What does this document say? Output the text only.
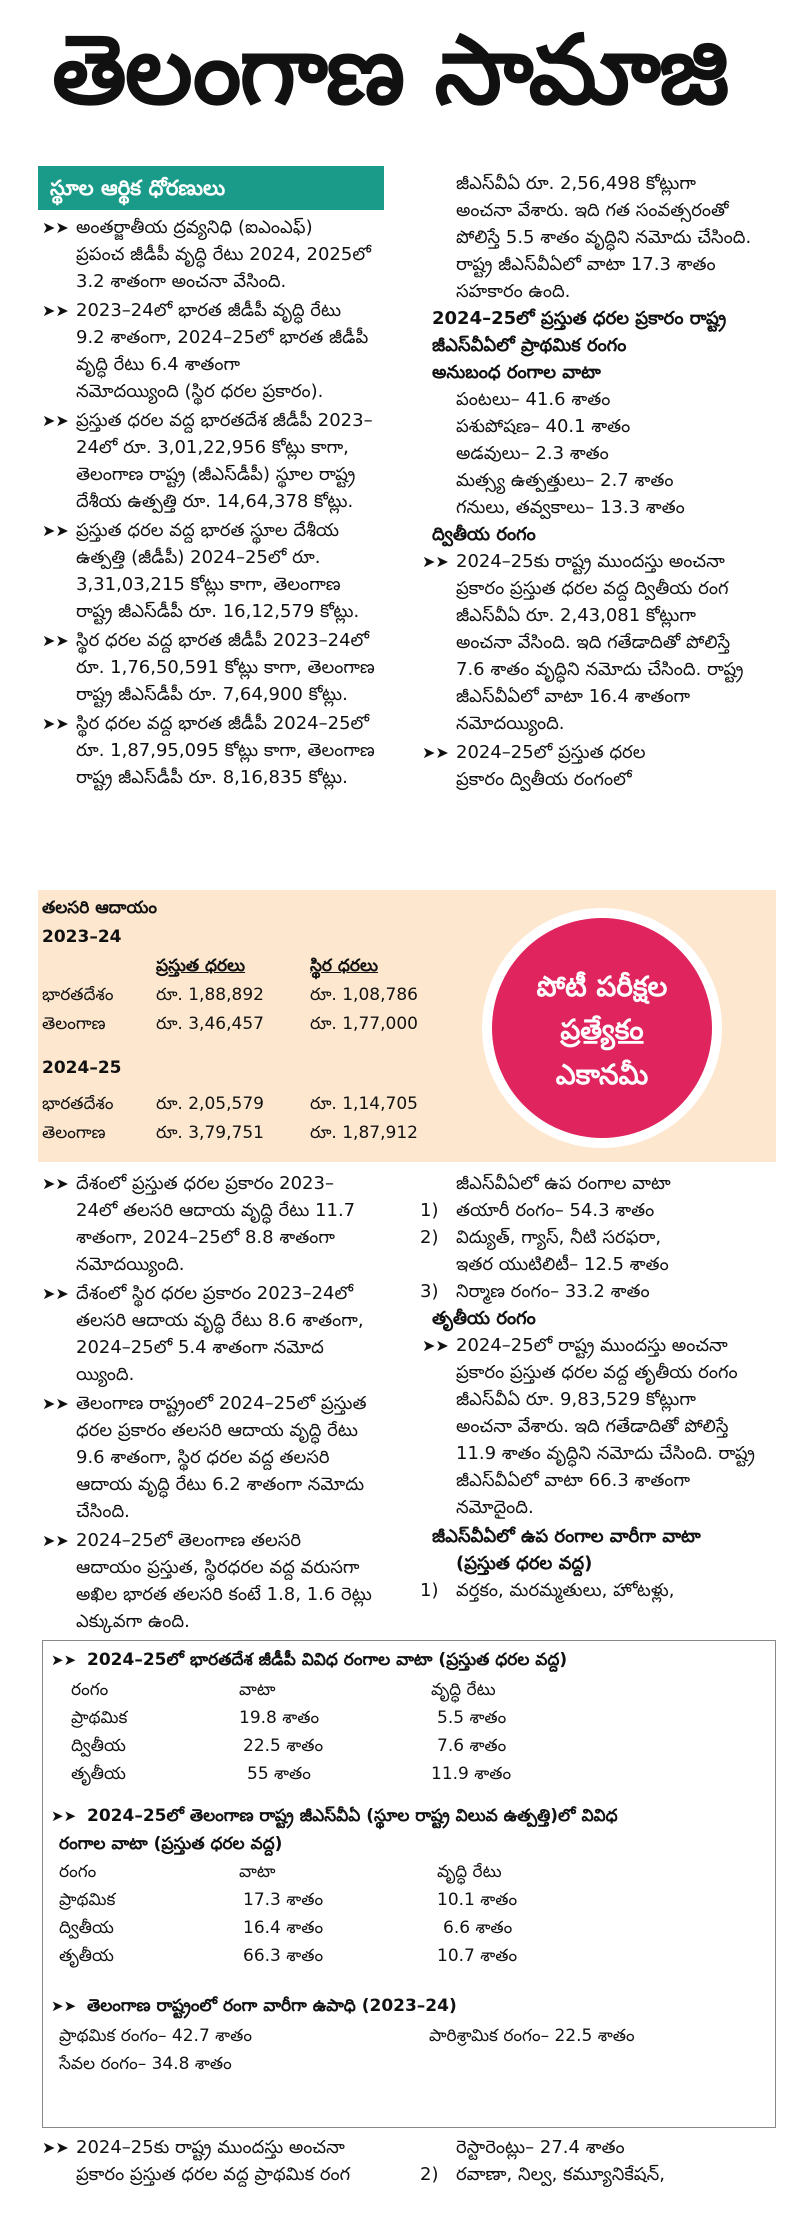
తెలంగాణ సామాజి
స్థూల ఆర్థిక ధోరణులు
➤➤ అంతర్జాతీయ ద్రవ్యనిధి (ఐఎంఎఫ్)

ప్రపంచ జీడీపీ వృద్ధి రేటు 2024, 2025లో

3.2 శాతంగా అంచనా వేసింది.

➤➤ 2023–24లో భారత జీడీపీ వృద్ధి రేటు

9.2 శాతంగా, 2024–25లో భారత జీడీపీ

వృద్ధి రేటు 6.4 శాతంగా

నమోదయ్యింది (స్థిర ధరల ప్రకారం).

➤➤ ప్రస్తుత ధరల వద్ద భారతదేశ జీడీపీ 2023–

24లో రూ. 3,01,22,956 కోట్లు కాగా,

తెలంగాణ రాష్ట్ర (జీఎస్‌డీపీ) స్థూల రాష్ట్ర

దేశీయ ఉత్పత్తి రూ. 14,64,378 కోట్లు.

➤➤ ప్రస్తుత ధరల వద్ద భారత స్థూల దేశీయ

ఉత్పత్తి (జీడీపీ) 2024–25లో రూ.

3,31,03,215 కోట్లు కాగా, తెలంగాణ

రాష్ట్ర జీఎస్‌డీపీ రూ. 16,12,579 కోట్లు.

➤➤ స్థిర ధరల వద్ద భారత జీడీపీ 2023–24లో

రూ. 1,76,50,591 కోట్లు కాగా, తెలంగాణ

రాష్ట్ర జీఎస్‌డీపీ రూ. 7,64,900 కోట్లు.

➤➤ స్థిర ధరల వద్ద భారత జీడీపీ 2024–25లో

రూ. 1,87,95,095 కోట్లు కాగా, తెలంగాణ

రాష్ట్ర జీఎస్‌డీపీ రూ. 8,16,835 కోట్లు.

జీఎస్‌వీఏ రూ. 2,56,498 కోట్లుగా

అంచనా వేశారు. ఇది గత సంవత్సరంతో

పోలిస్తే 5.5 శాతం వృద్ధిని నమోదు చేసింది.

రాష్ట్ర జీఎస్‌వీఏలో వాటా 17.3 శాతం

సహకారం ఉంది.

2024–25లో ప్రస్తుత ధరల ప్రకారం రాష్ట్ర

జీఎస్‌వీఏలో ప్రాథమిక రంగం

అనుబంధ రంగాల వాటా

పంటలు– 41.6 శాతం

పశుపోషణ– 40.1 శాతం

అడవులు– 2.3 శాతం

మత్స్య ఉత్పత్తులు– 2.7 శాతం

గనులు, తవ్వకాలు– 13.3 శాతం

ద్వితీయ రంగం
➤➤ 2024–25కు రాష్ట్ర ముందస్తు అంచనా

ప్రకారం ప్రస్తుత ధరల వద్ద ద్వితీయ రంగ

జీఎస్‌వీఏ రూ. 2,43,081 కోట్లుగా

అంచనా వేసింది. ఇది గతేడాదితో పోలిస్తే

7.6 శాతం వృద్ధిని నమోదు చేసింది. రాష్ట్ర

జీఎస్‌వీఏలో వాటా 16.4 శాతంగా

నమోదయ్యింది.

➤➤ 2024–25లో ప్రస్తుత ధరల

ప్రకారం ద్వితీయ రంగంలో

తలసరి ఆదాయం
2023–24
ప్రస్తుత ధరలు	స్థిర ధరలు
భారతదేశం రూ. 1,88,892	రూ. 1,08,786
తెలంగాణ	రూ. 3,46,457	రూ. 1,77,000
2024–25
భారతదేశం రూ. 2,05,579	రూ. 1,14,705
తెలంగాణ	రూ. 3,79,751	రూ. 1,87,912
పోటీ పరీక్షల
ప్రత్యేకం
ఎకానమీ
➤➤ దేశంలో ప్రస్తుత ధరల ప్రకారం 2023–

24లో తలసరి ఆదాయ వృద్ధి రేటు 11.7

శాతంగా, 2024–25లో 8.8 శాతంగా

నమోదయ్యింది.

➤➤ దేశంలో స్థిర ధరల ప్రకారం 2023–24లో

తలసరి ఆదాయ వృద్ధి రేటు 8.6 శాతంగా,

2024–25లో 5.4 శాతంగా నమోద

య్యింది.

➤➤ తెలంగాణ రాష్ట్రంలో 2024–25లో ప్రస్తుత

ధరల ప్రకారం తలసరి ఆదాయ వృద్ధి రేటు

9.6 శాతంగా, స్థిర ధరల వద్ద తలసరి

ఆదాయ వృద్ధి రేటు 6.2 శాతంగా నమోదు

చేసింది.

➤➤ 2024–25లో తెలంగాణ తలసరి

ఆదాయం ప్రస్తుత, స్థిరధరల వద్ద వరుసగా

అఖిల భారత తలసరి కంటే 1.8, 1.6 రెట్లు

ఎక్కువగా ఉంది.

జీఎస్‌వీఏలో ఉప రంగాల వాటా
1) తయారీ రంగం– 54.3 శాతం

2) విద్యుత్, గ్యాస్, నీటి సరఫరా,

ఇతర యుటిలిటీ– 12.5 శాతం

3) నిర్మాణ రంగం– 33.2 శాతం

తృతీయ రంగం
➤➤ 2024–25లో రాష్ట్ర ముందస్తు అంచనా

ప్రకారం ప్రస్తుత ధరల వద్ద తృతీయ రంగం

జీఎస్‌వీఏ రూ. 9,83,529 కోట్లుగా

అంచనా వేశారు. ఇది గతేడాదితో పోలిస్తే

11.9 శాతం వృద్ధిని నమోదు చేసింది. రాష్ట్ర

జీఎస్‌వీఏలో వాటా 66.3 శాతంగా

నమోదైంది.

జీఎస్‌వీఏలో ఉప రంగాల వారీగా వాటా
(ప్రస్తుత ధరల వద్ద)
1) వర్తకం, మరమ్మతులు, హోటళ్లు,
➤➤ 2024–25లో భారతదేశ జీడీపీ వివిధ రంగాల వాటా (ప్రస్తుత ధరల వద్ద)
రంగం	వాటా	వృద్ధి రేటు
ప్రాథమిక	19.8 శాతం	5.5 శాతం
ద్వితీయ	22.5 శాతం	7.6 శాతం
తృతీయ	55 శాతం	11.9 శాతం
➤➤ 2024–25లో తెలంగాణ రాష్ట్ర జీఎస్‌వీఏ (స్థూల రాష్ట్ర విలువ ఉత్పత్తి)లో వివిధ
రంగాల వాటా (ప్రస్తుత ధరల వద్ద)
రంగం	వాటా	వృద్ధి రేటు
ప్రాథమిక	17.3 శాతం	10.1 శాతం
ద్వితీయ	16.4 శాతం	6.6 శాతం
తృతీయ	66.3 శాతం	10.7 శాతం
➤➤ తెలంగాణ రాష్ట్రంలో రంగా వారీగా ఉపాధి (2023–24)
ప్రాథమిక రంగం– 42.7 శాతం	పారిశ్రామిక రంగం– 22.5 శాతం
సేవల రంగం– 34.8 శాతం
➤➤ 2024–25కు రాష్ట్ర ముందస్తు అంచనా

ప్రకారం ప్రస్తుత ధరల వద్ద ప్రాథమిక రంగ

రెస్టారెంట్లు– 27.4 శాతం
2) రవాణా, నిల్వ, కమ్యూనికేషన్,
